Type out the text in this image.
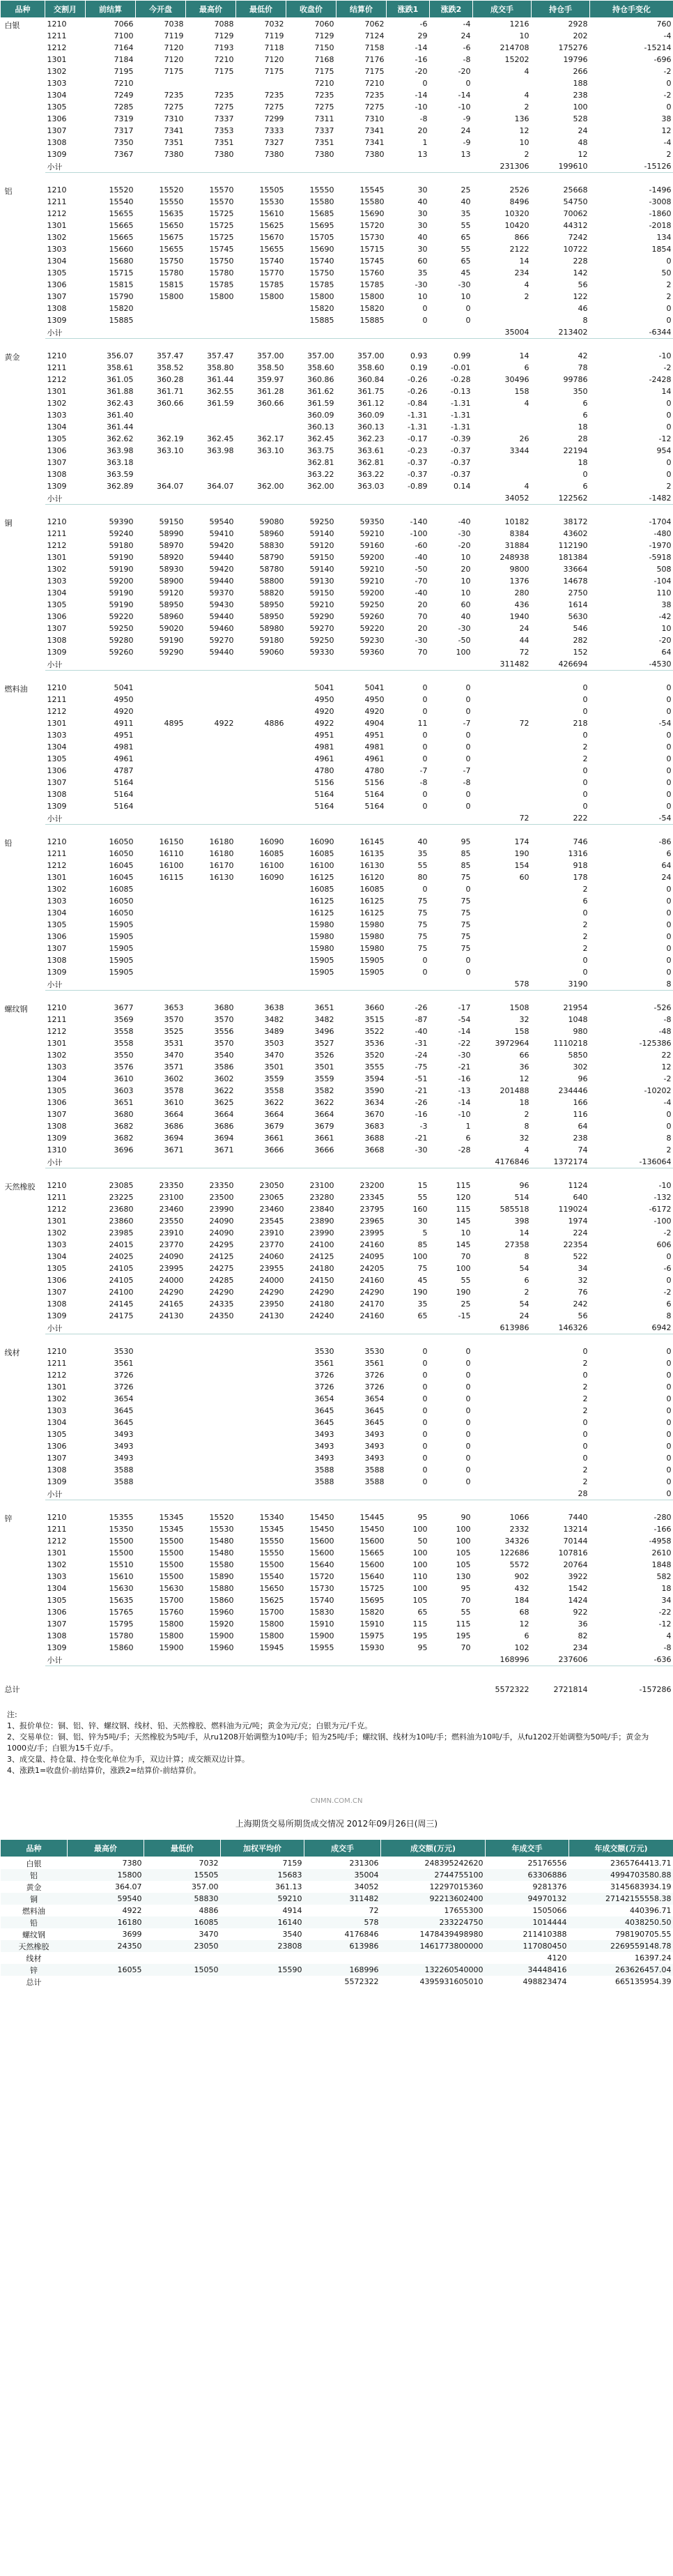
品种	交割月	前结算	今开盘	最高价	最低价	收盘价	结算价	涨跌1	涨跌2	成交手	持仓手	持仓手变化
白银	1210	7066	7038	7088	7032	7060	7062	-6	-4	1216	2928	760
	1211	7100	7119	7129	7119	7129	7124	29	24	10	202	-4
	1212	7164	7120	7193	7118	7150	7158	-14	-6	214708	175276	-15214
	1301	7184	7120	7210	7120	7168	7176	-16	-8	15202	19796	-696
	1302	7195	7175	7175	7175	7175	7175	-20	-20	4	266	-2
	1303	7210				7210	7210	0	0		188	0
	1304	7249	7235	7235	7235	7235	7235	-14	-14	4	238	-2
	1305	7285	7275	7275	7275	7275	7275	-10	-10	2	100	0
	1306	7319	7310	7337	7299	7311	7310	-8	-9	136	528	38
	1307	7317	7341	7353	7333	7337	7341	20	24	12	24	12
	1308	7350	7351	7351	7327	7351	7341	1	-9	10	48	-4
	1309	7367	7380	7380	7380	7380	7380	13	13	2	12	2
	小计									231306	199610	-15126

铝	1210	15520	15520	15570	15505	15550	15545	30	25	2526	25668	-1496
	1211	15540	15550	15570	15530	15580	15580	40	40	8496	54750	-3008
	1212	15655	15635	15725	15610	15685	15690	30	35	10320	70062	-1860
	1301	15665	15650	15725	15625	15695	15720	30	55	10420	44312	-2018
	1302	15665	15675	15725	15670	15705	15730	40	65	866	7242	134
	1303	15660	15655	15745	15655	15690	15715	30	55	2122	10722	1854
	1304	15680	15750	15750	15740	15740	15745	60	65	14	228	0
	1305	15715	15780	15780	15770	15750	15760	35	45	234	142	50
	1306	15815	15815	15785	15785	15785	15785	-30	-30	4	56	2
	1307	15790	15800	15800	15800	15800	15800	10	10	2	122	2
	1308	15820				15820	15820	0	0		46	0
	1309	15885				15885	15885	0	0		8	0
	小计									35004	213402	-6344

黄金	1210	356.07	357.47	357.47	357.00	357.00	357.00	0.93	0.99	14	42	-10
	1211	358.61	358.52	358.80	358.50	358.60	358.60	0.19	-0.01	6	78	-2
	1212	361.05	360.28	361.44	359.97	360.86	360.84	-0.26	-0.28	30496	99786	-2428
	1301	361.88	361.71	362.55	361.28	361.62	361.75	-0.26	-0.13	158	350	14
	1302	362.43	360.66	361.59	360.66	361.59	361.12	-0.84	-1.31	4	6	0
	1303	361.40				360.09	360.09	-1.31	-1.31		6	0
	1304	361.44				360.13	360.13	-1.31	-1.31		18	0
	1305	362.62	362.19	362.45	362.17	362.45	362.23	-0.17	-0.39	26	28	-12
	1306	363.98	363.10	363.98	363.10	363.75	363.61	-0.23	-0.37	3344	22194	954
	1307	363.18				362.81	362.81	-0.37	-0.37		18	0
	1308	363.59				363.22	363.22	-0.37	-0.37		0	0
	1309	362.89	364.07	364.07	362.00	362.00	363.03	-0.89	0.14	4	6	2
	小计									34052	122562	-1482

铜	1210	59390	59150	59540	59080	59250	59350	-140	-40	10182	38172	-1704
	1211	59240	58990	59410	58960	59140	59210	-100	-30	8384	43602	-480
	1212	59180	58970	59420	58830	59120	59160	-60	-20	31884	112190	-1970
	1301	59190	58920	59440	58790	59150	59200	-40	10	248938	181384	-5918
	1302	59190	58930	59420	58780	59140	59210	-50	20	9800	33664	508
	1303	59200	58900	59440	58800	59130	59210	-70	10	1376	14678	-104
	1304	59190	59120	59370	58820	59150	59200	-40	10	280	2750	110
	1305	59190	58950	59430	58950	59210	59250	20	60	436	1614	38
	1306	59220	58960	59440	58950	59290	59260	70	40	1940	5630	-42
	1307	59250	59020	59460	58980	59270	59220	20	-30	24	546	10
	1308	59280	59190	59270	59180	59250	59230	-30	-50	44	282	-20
	1309	59260	59290	59440	59060	59330	59360	70	100	72	152	64
	小计									311482	426694	-4530

燃料油	1210	5041				5041	5041	0	0		0	0
	1211	4950				4950	4950	0	0		0	0
	1212	4920				4920	4920	0	0		0	0
	1301	4911	4895	4922	4886	4922	4904	11	-7	72	218	-54
	1303	4951				4951	4951	0	0		0	0
	1304	4981				4981	4981	0	0		2	0
	1305	4961				4961	4961	0	0		2	0
	1306	4787				4780	4780	-7	-7		0	0
	1307	5164				5156	5156	-8	-8		0	0
	1308	5164				5164	5164	0	0		0	0
	1309	5164				5164	5164	0	0		0	0
	小计									72	222	-54

铅	1210	16050	16150	16180	16090	16090	16145	40	95	174	746	-86
	1211	16050	16110	16180	16085	16085	16135	35	85	190	1316	6
	1212	16045	16100	16170	16100	16100	16130	55	85	154	918	64
	1301	16045	16115	16130	16090	16125	16120	80	75	60	178	24
	1302	16085				16085	16085	0	0		2	0
	1303	16050				16125	16125	75	75		6	0
	1304	16050				16125	16125	75	75		0	0
	1305	15905				15980	15980	75	75		2	0
	1306	15905				15980	15980	75	75		2	0
	1307	15905				15980	15980	75	75		2	0
	1308	15905				15905	15905	0	0		0	0
	1309	15905				15905	15905	0	0		0	0
	小计									578	3190	8

螺纹钢	1210	3677	3653	3680	3638	3651	3660	-26	-17	1508	21954	-526
	1211	3569	3570	3570	3482	3482	3515	-87	-54	32	1048	-8
	1212	3558	3525	3556	3489	3496	3522	-40	-14	158	980	-48
	1301	3558	3531	3570	3503	3527	3536	-31	-22	3972964	1110218	-125386
	1302	3550	3470	3540	3470	3526	3520	-24	-30	66	5850	22
	1303	3576	3571	3586	3501	3501	3555	-75	-21	36	302	12
	1304	3610	3602	3602	3559	3559	3594	-51	-16	12	96	-2
	1305	3603	3578	3622	3558	3582	3590	-21	-13	201488	234446	-10202
	1306	3651	3610	3625	3622	3622	3634	-26	-14	18	166	-4
	1307	3680	3664	3664	3664	3664	3670	-16	-10	2	116	0
	1308	3682	3686	3686	3679	3679	3683	-3	1	8	64	0
	1309	3682	3694	3694	3661	3661	3688	-21	6	32	238	8
	1310	3696	3671	3671	3666	3666	3668	-30	-28	4	74	2
	小计									4176846	1372174	-136064

天然橡胶	1210	23085	23350	23350	23050	23100	23200	15	115	96	1124	-10
	1211	23225	23100	23500	23065	23280	23345	55	120	514	640	-132
	1212	23680	23460	23990	23460	23840	23795	160	115	585518	119024	-6172
	1301	23860	23550	24090	23545	23890	23965	30	145	398	1974	-100
	1302	23985	23910	24090	23910	23990	23995	5	10	14	224	-2
	1303	24015	23770	24295	23770	24100	24160	85	145	27358	22354	606
	1304	24025	24090	24125	24060	24125	24095	100	70	8	522	0
	1305	24105	23995	24275	23955	24180	24205	75	100	54	34	-6
	1306	24105	24000	24285	24000	24150	24160	45	55	6	32	0
	1307	24100	24290	24290	24290	24290	24290	190	190	2	76	-2
	1308	24145	24165	24335	23950	24180	24170	35	25	54	242	6
	1309	24175	24130	24350	24130	24240	24160	65	-15	24	56	8
	小计									613986	146326	6942

线材	1210	3530				3530	3530	0	0		0	0
	1211	3561				3561	3561	0	0		2	0
	1212	3726				3726	3726	0	0		0	0
	1301	3726				3726	3726	0	0		2	0
	1302	3654				3654	3654	0	0		2	0
	1303	3645				3645	3645	0	0		2	0
	1304	3645				3645	3645	0	0		0	0
	1305	3493				3493	3493	0	0		0	0
	1306	3493				3493	3493	0	0		0	0
	1307	3493				3493	3493	0	0		0	0
	1308	3588				3588	3588	0	0		2	0
	1309	3588				3588	3588	0	0		2	0
	小计										28	0

锌	1210	15355	15345	15520	15340	15450	15445	95	90	1066	7440	-280
	1211	15350	15345	15530	15345	15450	15450	100	100	2332	13214	-166
	1212	15500	15500	15480	15550	15600	15600	50	100	34326	70144	-4958
	1301	15500	15500	15480	15550	15600	15665	100	105	122686	107816	2610
	1302	15510	15500	15580	15500	15640	15600	100	105	5572	20764	1848
	1303	15610	15500	15890	15540	15720	15640	110	130	902	3922	582
	1304	15630	15630	15880	15650	15730	15725	100	95	432	1542	18
	1305	15635	15700	15860	15625	15740	15695	105	70	184	1424	34
	1306	15765	15760	15960	15700	15830	15820	65	55	68	922	-22
	1307	15795	15800	15920	15800	15910	15910	115	115	12	36	-12
	1308	15780	15800	15900	15800	15900	15975	195	195	6	82	4
	1309	15860	15900	15960	15945	15955	15930	95	70	102	234	-8
	小计									168996	237606	-636

总计										5572322	2721814	-157286
注:
1、报价单位：铜、铝、锌、螺纹钢、线材、铅、天然橡胶、燃料油为元/吨；黄金为元/克；白银为元/千克。
2、交易单位：铜、铝、锌为5吨/手；天然橡胶为5吨/手，从ru1208开始调整为10吨/手；铅为25吨/手；螺纹钢、线材为10吨/手；燃料油为10吨/手，从fu1202开始调整为50吨/手；黄金为1000克/手；白银为15千克/手。
3、成交量、持仓量、持仓变化单位为手，双边计算；成交额双边计算。
4、涨跌1=收盘价-前结算价，涨跌2=结算价-前结算价。
CNMN.COM.CN
上海期货交易所期货成交情况 2012年09月26日(周三)
品种	最高价	最低价	加权平均价	成交手	成交额(万元)	年成交手	年成交额(万元)
白银	7380	7032	7159	231306	248395242620	25176556	2365764413.71
铝	15800	15505	15683	35004	2744755100	63306886	4994703580.88
黄金	364.07	357.00	361.13	34052	12297015360	9281376	3145683934.19
铜	59540	58830	59210	311482	92213602400	94970132	27142155558.38
燃料油	4922	4886	4914	72	17655300	1505066	440396.71
铅	16180	16085	16140	578	233224750	1014444	4038250.50
螺纹钢	3699	3470	3540	4176846	1478439498980	211410388	798190705.55
天然橡胶	24350	23050	23808	613986	1461773800000	117080450	2269559148.78
线材						4120	16397.24
锌	16055	15050	15590	168996	132260540000	34448416	263626457.04
总计				5572322	4395931605010	498823474	665135954.39
